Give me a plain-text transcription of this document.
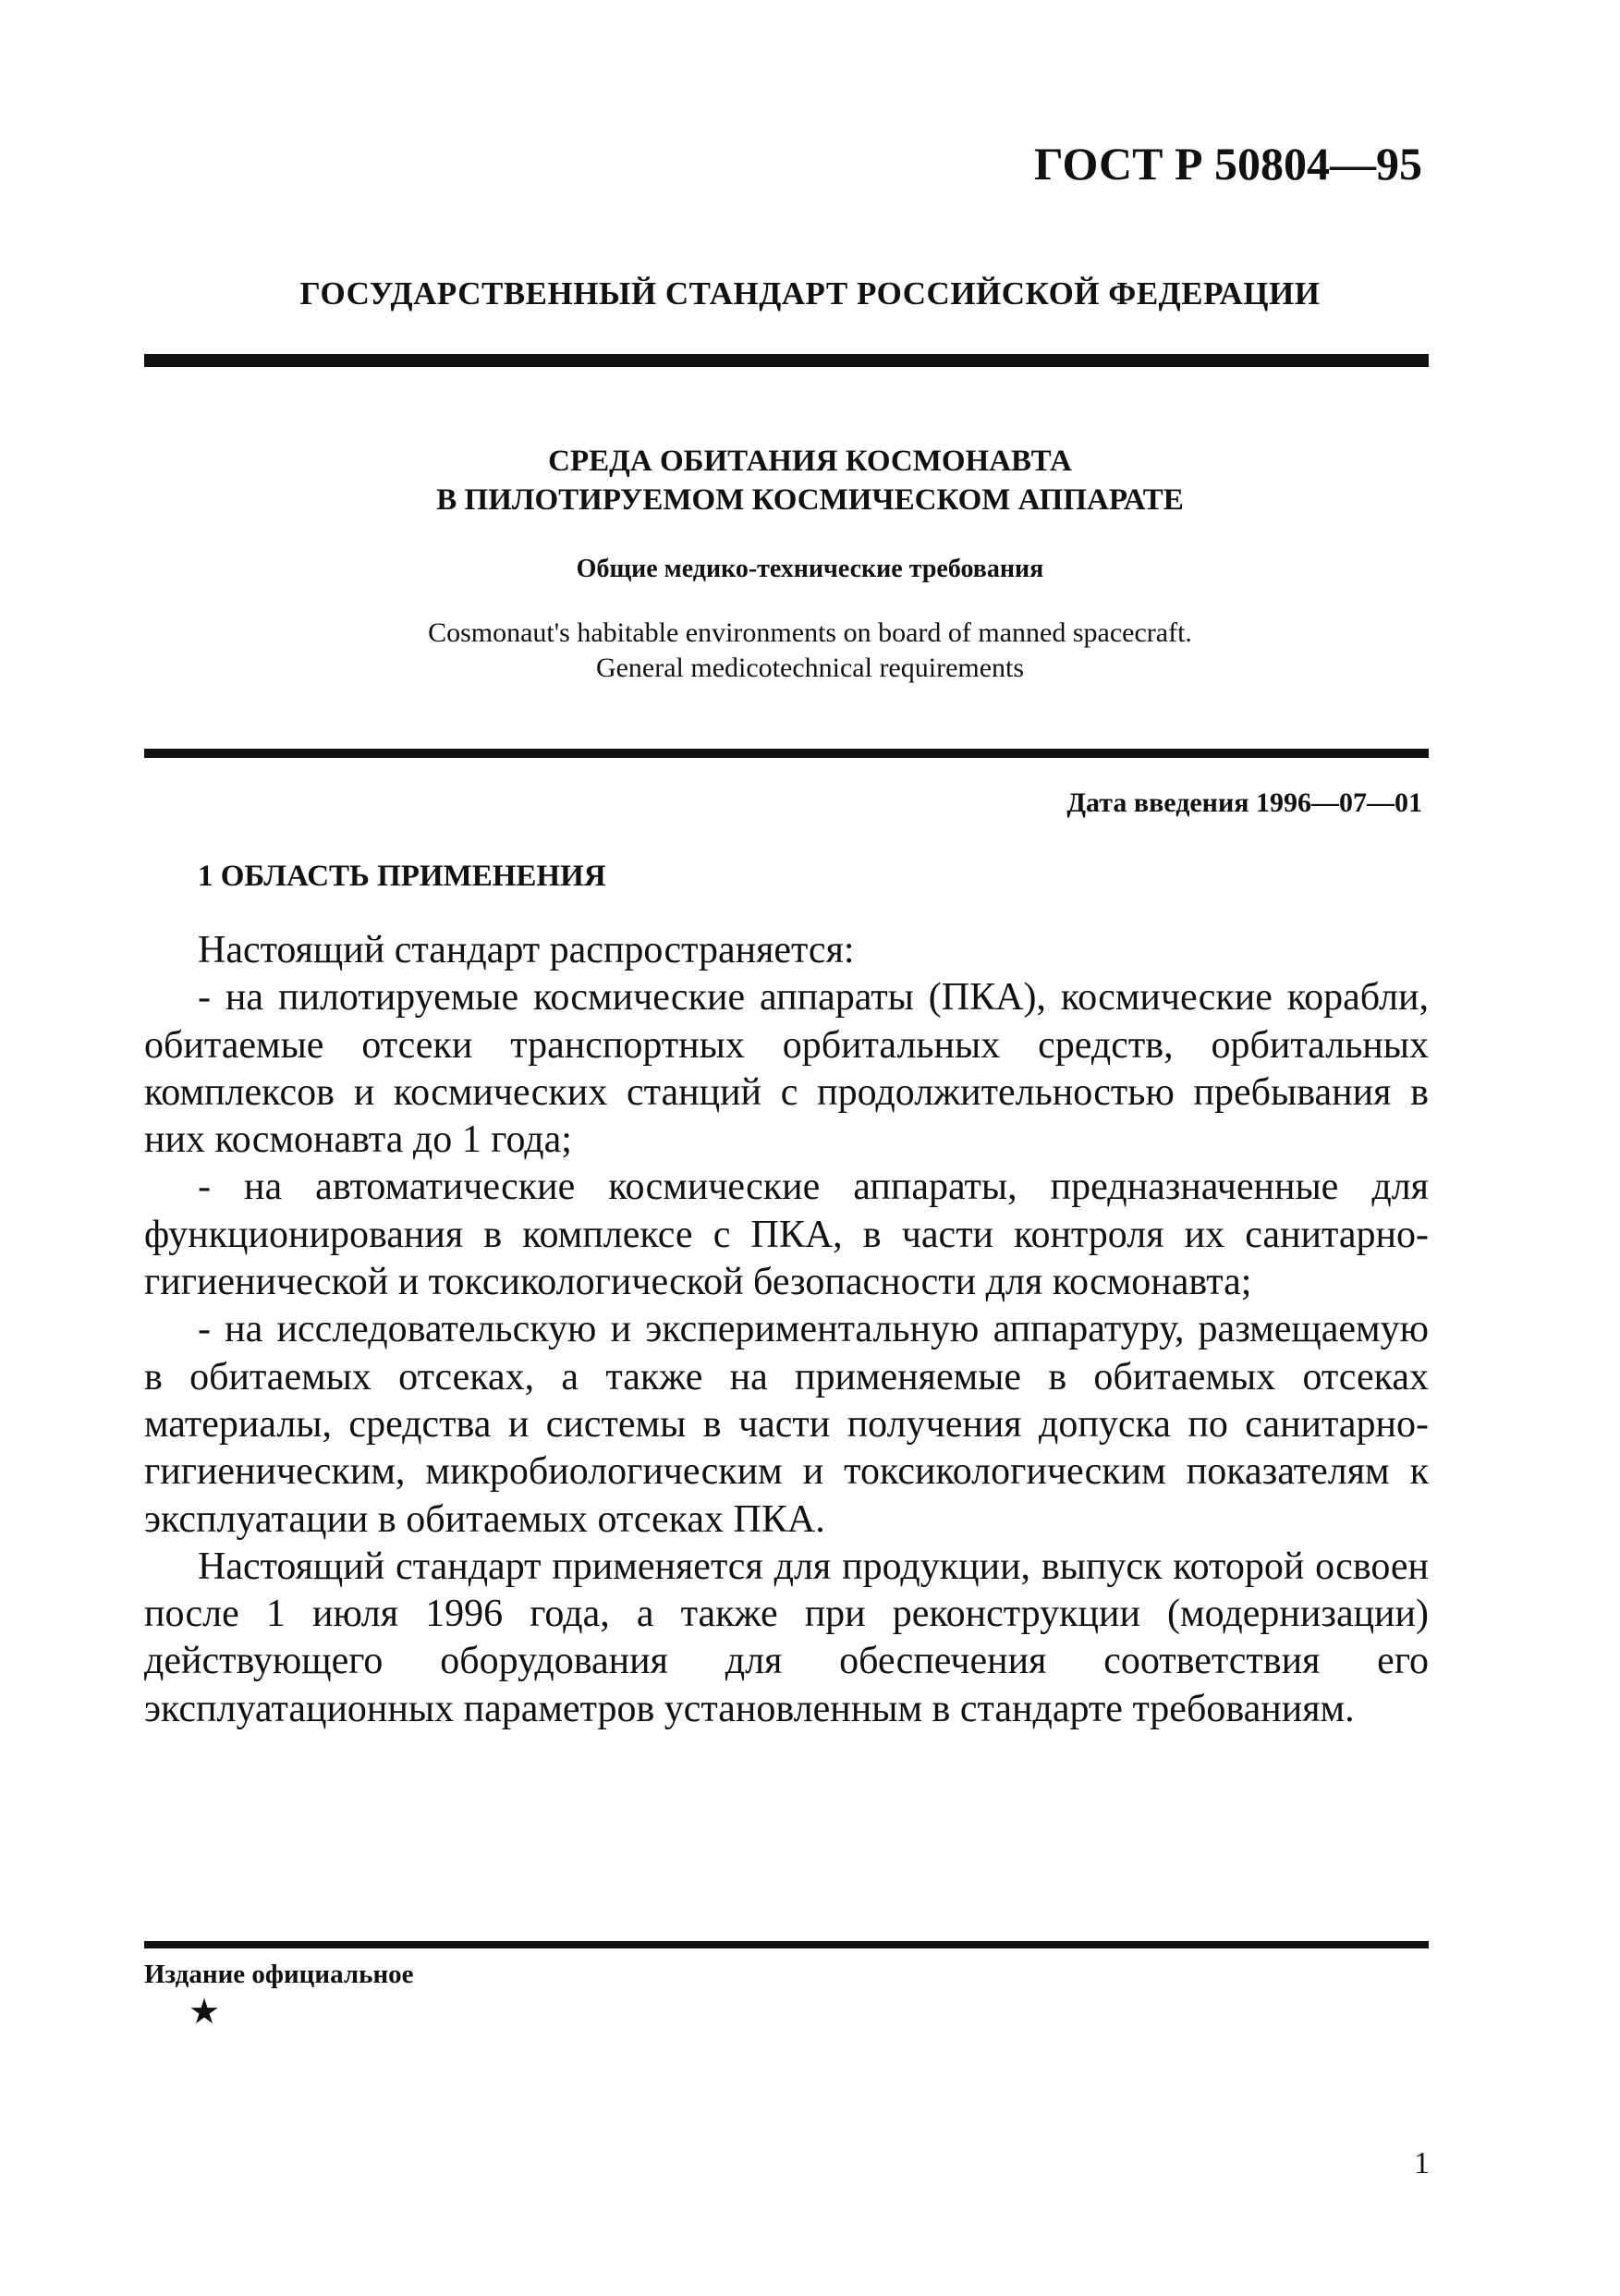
ГОСТ Р 50804—95
ГОСУДАРСТВЕННЫЙ СТАНДАРТ РОССИЙСКОЙ ФЕДЕРАЦИИ
СРЕДА ОБИТАНИЯ КОСМОНАВТА
В ПИЛОТИРУЕМОМ КОСМИЧЕСКОМ АППАРАТЕ
Общие медико-технические требования
Cosmonaut's habitable environments on board of manned spacecraft.
General medicotechnical requirements
Дата введения 1996—07—01
1 ОБЛАСТЬ ПРИМЕНЕНИЯ

Настоящий стандарт распространяется:

- на пилотируемые космические аппараты (ПКА), космические корабли, обитаемые отсеки транспортных орбитальных средств, орбитальных комплексов и космических станций с продолжительностью пребывания в них космонавта до 1 года;

- на автоматические космические аппараты, предназначенные для функционирования в комплексе с ПКА, в части контроля их санитарно-гигиенической и токсикологической безопасности для космонавта;

- на исследовательскую и экспериментальную аппаратуру, размещаемую в обитаемых отсеках, а также на применяемые в обитаемых отсеках материалы, средства и системы в части получения допуска по санитарно-гигиеническим, микробиологическим и токсикологическим показателям к эксплуатации в обитаемых отсеках ПКА.

Настоящий стандарт применяется для продукции, выпуск которой освоен после 1 июля 1996 года, а также при реконструкции (модернизации) действующего оборудования для обеспечения соответствия его эксплуатационных параметров установленным в стандарте требованиям.

Издание официальное
★
1
